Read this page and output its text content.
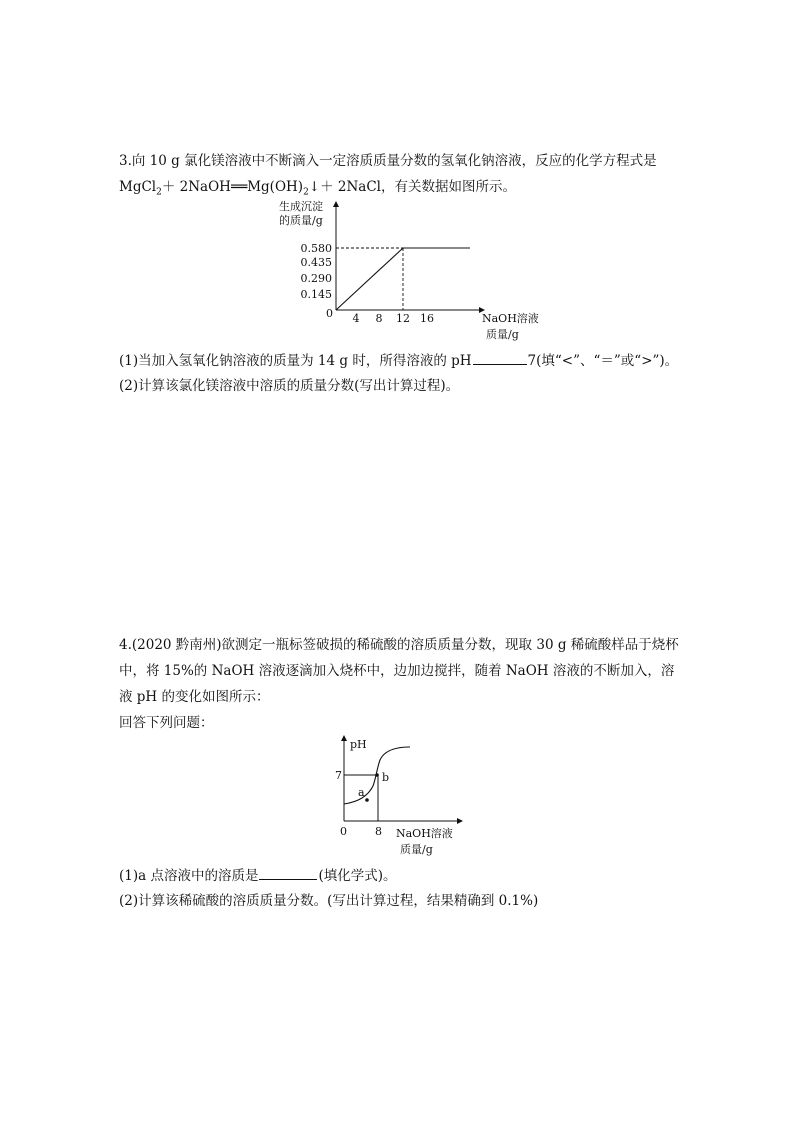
3.向 10 g 氯化镁溶液中不断滴入一定溶质质量分数的氢氧化钠溶液，反应的化学方程式是
MgCl$_2$＋ $2NaOH══Mg(OH)_2↓+$ 2NaCl，有关数据如图所示。
生成沉淀
的质量/g
0.580
0.435
0.290
0.145
0 4 8 12 16	NaOH溶液
质量/g
(1)当加入氢氧化钠溶液的质量为 14 g 时，所得溶液的 pH	7(填“<”、“＝”或“>”)。
(2)计算该氯化镁溶液中溶质的质量分数(写出计算过程)。
4.(2020 黔南州)欲测定一瓶标签破损的稀硫酸的溶质质量分数，现取 30 g 稀硫酸样品于烧杯
中，将 15%的 NaOH 溶液逐滴加入烧杯中，边加边搅拌，随着 NaOH 溶液的不断加入，溶
液 pH 的变化如图所示：
回答下列问题：
pH
7
0	8 NaOH溶液
质量/g
a
b
(1)a 点溶液中的溶质是	(填化学式)。
(2)计算该稀硫酸的溶质质量分数。(写出计算过程，结果精确到 0.1%)
